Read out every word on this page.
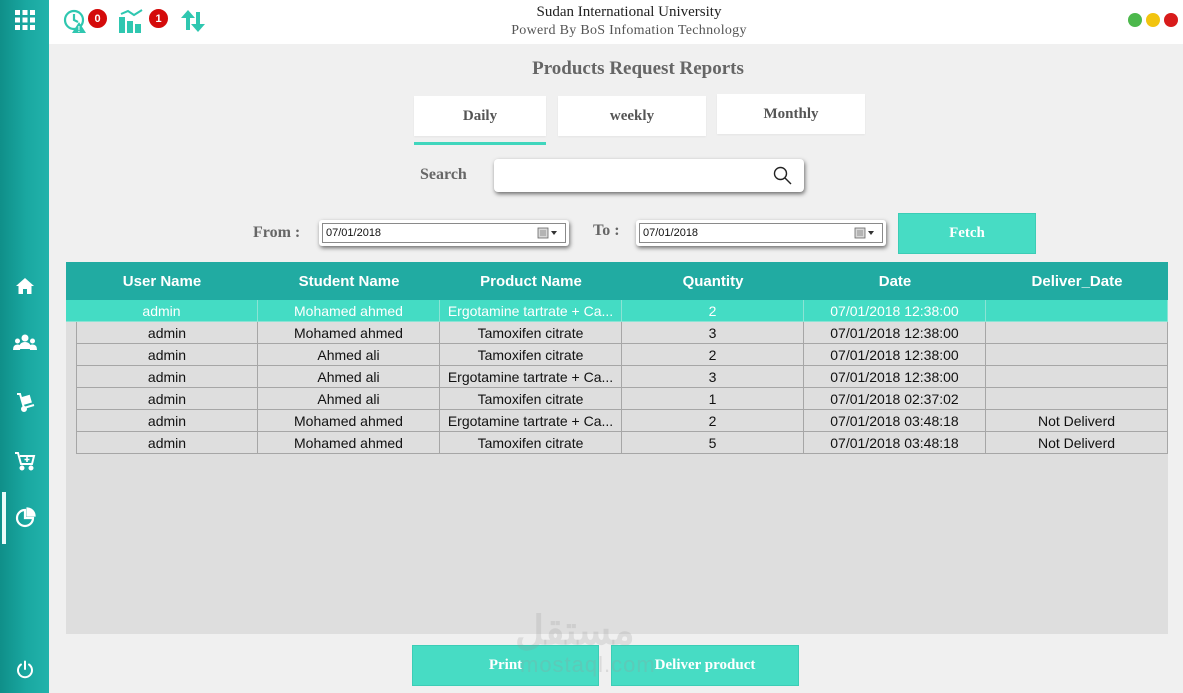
!
0	1	Sudan International University
Powerd By BoS Infomation Technology
Products Request Reports
Daily	weekly	Monthly
Search
From :	07/01/2018	To :	07/01/2018	Fetch
User Name	Student Name	Product Name	Quantity	Date	Deliver_Date
admin	Mohamed ahmed	Ergotamine tartrate + Ca...	2	07/01/2018 12:38:00
admin	Mohamed ahmed	Tamoxifen citrate	3	07/01/2018 12:38:00
admin	Ahmed ali	Tamoxifen citrate	2	07/01/2018 12:38:00
admin	Ahmed ali	Ergotamine tartrate + Ca...	3	07/01/2018 12:38:00
admin	Ahmed ali	Tamoxifen citrate	1	07/01/2018 02:37:02
admin	Mohamed ahmed	Ergotamine tartrate + Ca...	2	07/01/2018 03:48:18	Not Deliverd
admin	Mohamed ahmed	Tamoxifen citrate	5	07/01/2018 03:48:18	Not Deliverd
Print	Deliver product
مستقل
mostaql.com
